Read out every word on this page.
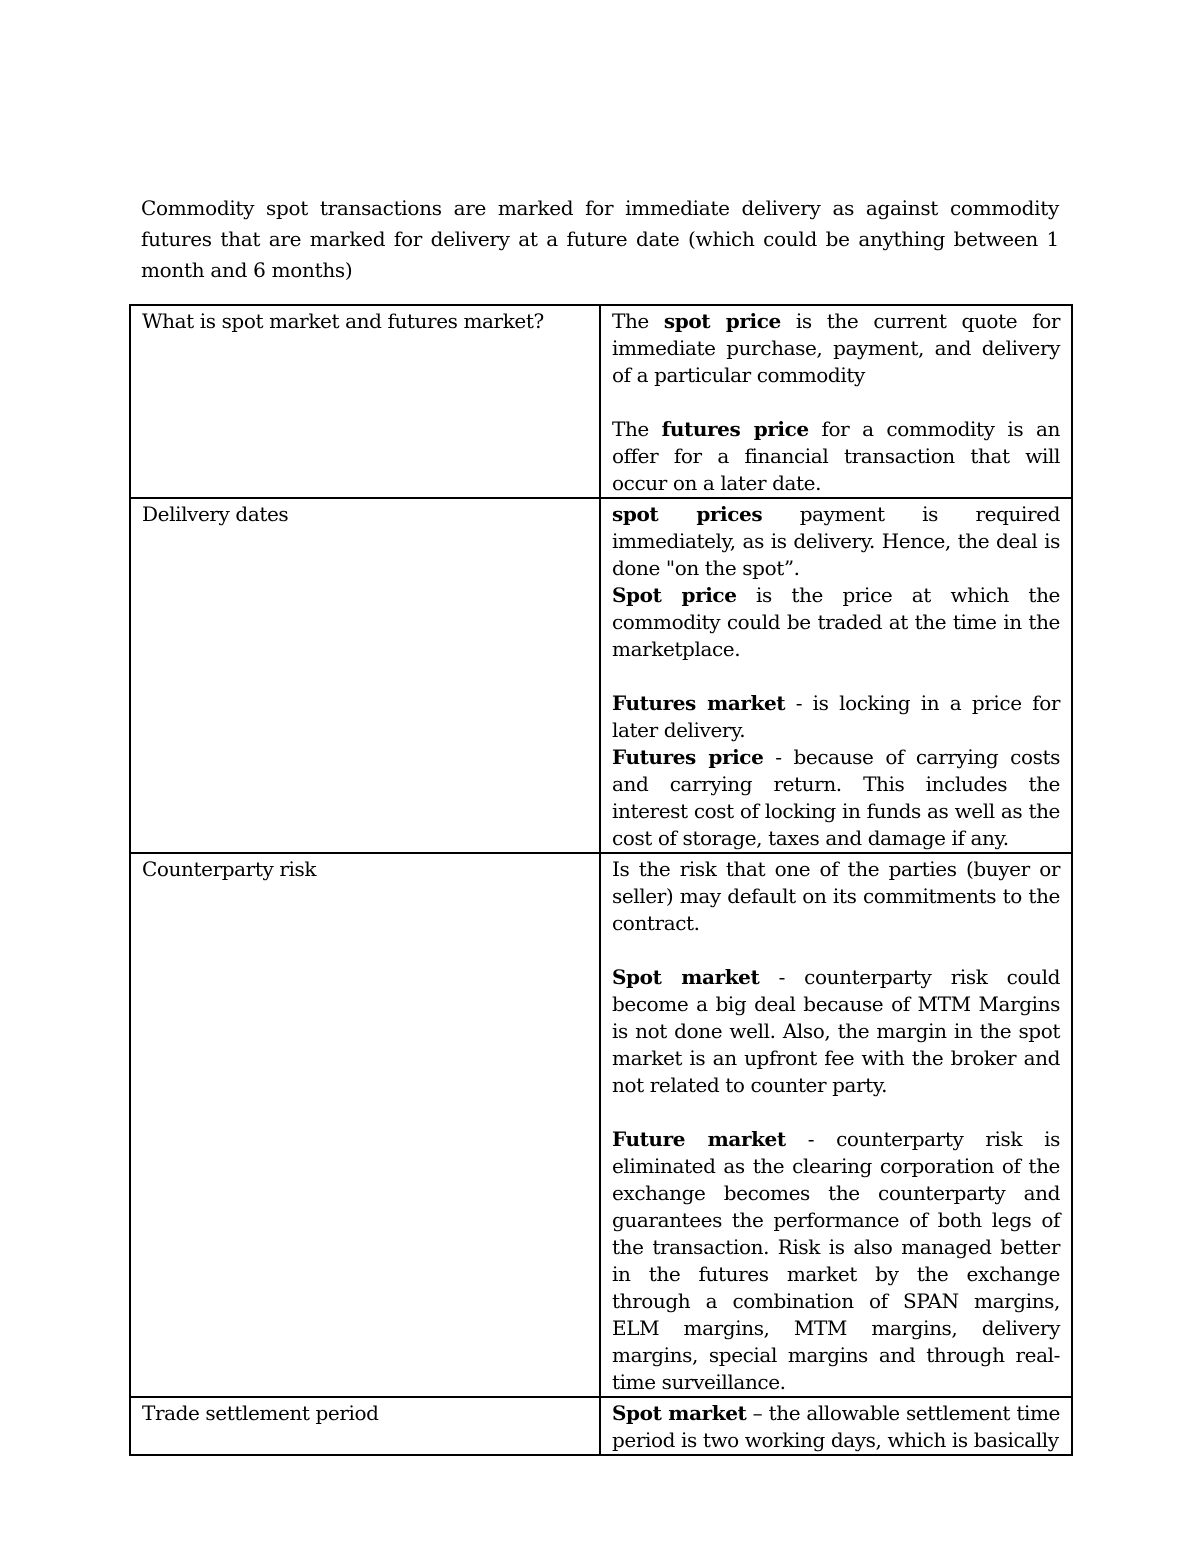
Commodity spot transactions are marked for immediate delivery as against commodity futures that are marked for delivery at a future date (which could be anything between 1 month and 6 months)

What is spot market and futures market?	The spot price is the current quote for immediate purchase, payment, and delivery of a particular commodity

The futures price for a commodity is an offer for a financial transaction that will occur on a later date.

Delilvery dates	spot prices payment is required immediately, as is delivery. Hence, the deal is done "on the spot”.

Spot price is the price at which the commodity could be traded at the time in the marketplace.

Futures market - is locking in a price for later delivery.

Futures price - because of carrying costs and carrying return. This includes the interest cost of locking in funds as well as the cost of storage, taxes and damage if any.

Counterparty risk	Is the risk that one of the parties (buyer or seller) may default on its commitments to the contract.

Spot market - counterparty risk could become a big deal because of MTM Margins is not done well. Also, the margin in the spot market is an upfront fee with the broker and not related to counter party.

Future market - counterparty risk is eliminated as the clearing corporation of the exchange becomes the counterparty and guarantees the performance of both legs of the transaction. Risk is also managed better in the futures market by the exchange through a combination of SPAN margins, ELM margins, MTM margins, delivery margins, special margins and through real-time surveillance.

Trade settlement period	Spot market – the allowable settlement time period is two working days, which is basically
